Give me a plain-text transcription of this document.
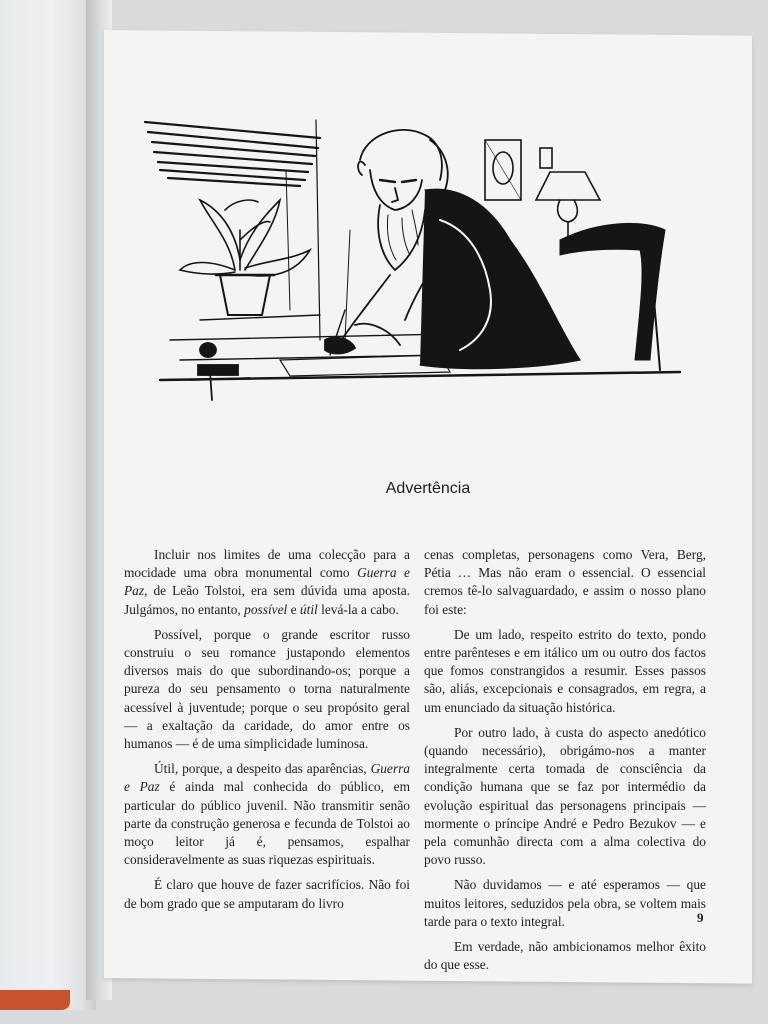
Advertência

Incluir nos limites de uma colecção para a mocidade uma obra monumental como Guerra e Paz, de Leão Tolstoi, era sem dúvida uma aposta. Julgámos, no entanto, possível e útil levá-la a cabo.

Possível, porque o grande escritor russo construiu o seu romance justapondo elementos diversos mais do que subordinando-os; porque a pureza do seu pensamento o torna naturalmente acessível à juventude; porque o seu propósito geral — a exaltação da caridade, do amor entre os humanos — é de uma simplicidade luminosa.

Útil, porque, a despeito das aparências, Guerra e Paz é ainda mal conhecida do público, em particular do público juvenil. Não transmitir senão parte da construção generosa e fecunda de Tolstoi ao moço leitor já é, pensamos, espalhar consideravelmente as suas riquezas espirituais.

É claro que houve de fazer sacrifícios. Não foi de bom grado que se amputaram do livro

cenas completas, personagens como Vera, Berg, Pétia … Mas não eram o essencial. O essencial cremos tê-lo salvaguardado, e assim o nosso plano foi este:

De um lado, respeito estrito do texto, pondo entre parênteses e em itálico um ou outro dos factos que fomos constrangidos a resumir. Esses passos são, aliás, excepcionais e consagrados, em regra, a um enunciado da situação histórica.

Por outro lado, à custa do aspecto anedótico (quando necessário), obrigámo-nos a manter integralmente certa tomada de consciência da condição humana que se faz por intermédio da evolução espiritual das personagens principais — mormente o príncipe André e Pedro Bezukov — e pela comunhão directa com a alma colectiva do povo russo.

Não duvidamos — e até esperamos — que muitos leitores, seduzidos pela obra, se voltem mais tarde para o texto integral.

Em verdade, não ambicionamos melhor êxito do que esse.

9
